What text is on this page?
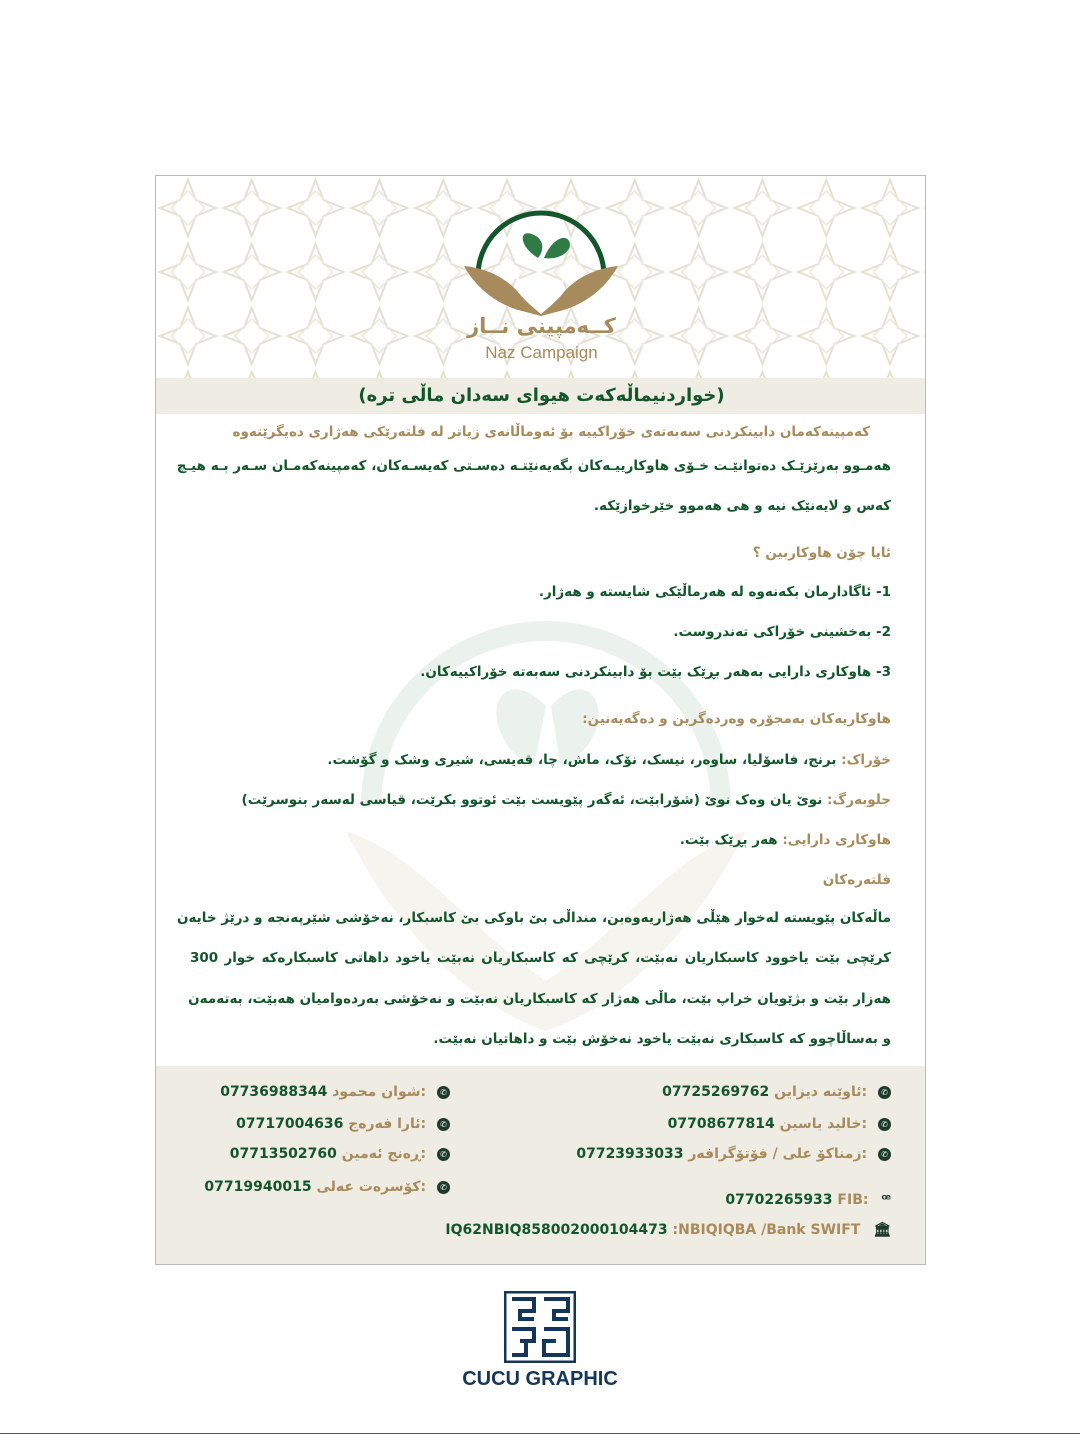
کــەمپینی نــاز
Naz Campaign
(خواردنیماڵەکەت هیوای سەدان ماڵی ترە)
کەمپینەکەمان دابینکردنی سەبەتەی خۆراکییە بۆ ئەوماڵانەی زیاتر لە فلتەرێکی هەژاری دەیگرێتەوە
هەمـوو بەرێزێـک دەتوانێـت خـۆی هاوکارییـەکان بگەیەنێتـە دەسـتی کەیسـەکان، کەمپینەکەمـان سـەر بـە هیـچ
کەس و لایەنێک نیە و هی هەموو خێرخوازێکە.
ئایا چۆن هاوکاربین ؟
1- ئاگادارمان بکەنەوە لە هەرماڵێکی شایستە و هەژار.
2- بەخشینی خۆراکی تەندروست.
3- هاوکاری دارایی بەهەر بڕێک بێت بۆ دابینکردنی سەبەتە خۆراکییەکان.
هاوکاریەکان بەمجۆرە وەردەگرین و دەگەیەنین:
خۆراک: برنج، فاسۆلیا، ساوەر، نیسک، نۆک، ماش، چا، قەیسی، شیری وشک و گۆشت.
جلوبەرگ: نوێ یان وەک نوێ (شۆرابێت، ئەگەر پێویست بێت ئوتوو بکرێت، قیاسی لەسەر بنوسرێت)
هاوکاری دارایی: هەر بڕێک بێت.
فلتەرەکان
ماڵەکان پێویستە لەخوار هێڵی هەژاریەوەبن، منداڵی بێ باوکی بێ کاسبکار، نەخۆشی شێرپەنجە و درێژ خایەن
کرێچی بێت یاخوود کاسبکاریان نەبێت، کرێچی کە کاسبکاریان نەبێت یاخود داهاتی کاسبکارەکە خوار 300
هەزار بێت و بژێویان خراپ بێت، ماڵی هەژار کە کاسبکاریان نەبێت و نەخۆشی بەردەوامیان هەبێت، بەتەمەن
و بەساڵاچوو کە کاسبکاری نەبێت یاخود نەخۆش بێت و داهاتیان نەبێت.
07725269762 ئاوێنە دیزاین: ✆
07708677814 خالید یاسین: ✆
07723933033 زمناکۆ علی / فۆتۆگرافەر: ✆
07702265933 FIB: ꟹ
IQ62NBIQ858002000104473 :NBIQIQBA /Bank SWIFT 🏛
07736988344 شوان محمود: ✆
07717004636 ئارا فەرەج: ✆
07713502760 ڕەنج ئەمین: ✆
07719940015 کۆسرەت عەلی: ✆
CUCU GRAPHIC
